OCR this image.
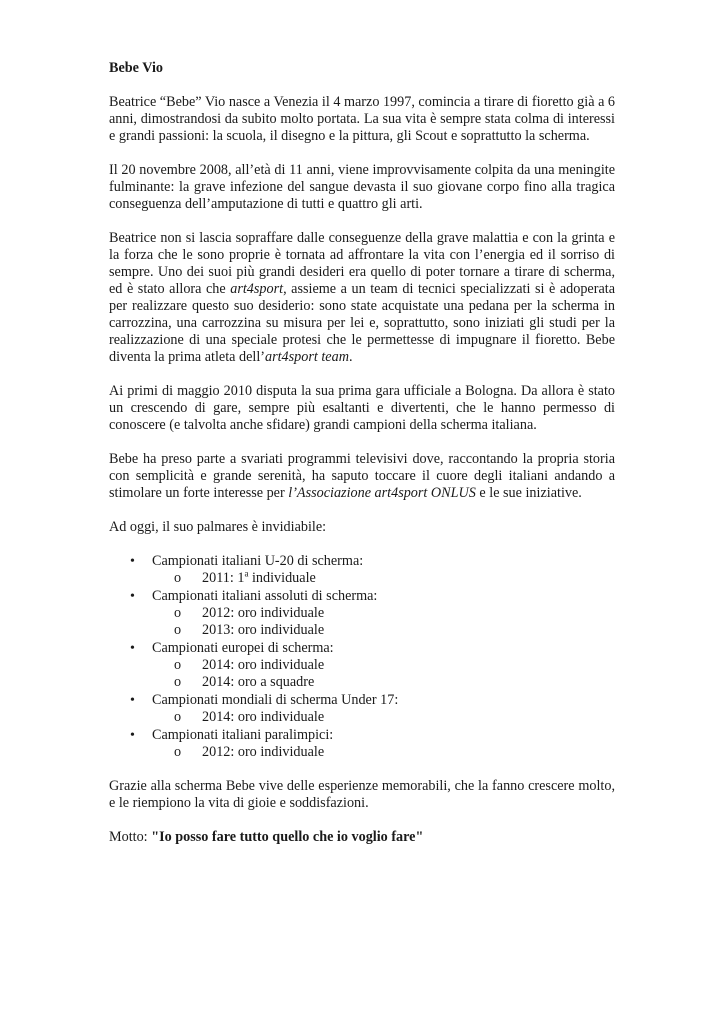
Bebe Vio

Beatrice “Bebe” Vio nasce a Venezia il 4 marzo 1997, comincia a tirare di fioretto già a 6 anni, dimostrandosi da subito molto portata. La sua vita è sempre stata colma di interessi e grandi passioni: la scuola, il disegno e la pittura, gli Scout e soprattutto la scherma.

Il 20 novembre 2008, all’età di 11 anni, viene improvvisamente colpita da una meningite fulminante: la grave infezione del sangue devasta il suo giovane corpo fino alla tragica conseguenza dell’amputazione di tutti e quattro gli arti.

Beatrice non si lascia sopraffare dalle conseguenze della grave malattia e con la grinta e la forza che le sono proprie è tornata ad affrontare la vita con l’energia ed il sorriso di sempre. Uno dei suoi più grandi desideri era quello di poter tornare a tirare di scherma, ed è stato allora che art4sport, assieme a un team di tecnici specializzati si è adoperata per realizzare questo suo desiderio: sono state acquistate una pedana per la scherma in carrozzina, una carrozzina su misura per lei e, soprattutto, sono iniziati gli studi per la realizzazione di una speciale protesi che le permettesse di impugnare il fioretto. Bebe diventa la prima atleta dell’art4sport team.

Ai primi di maggio 2010 disputa la sua prima gara ufficiale a Bologna. Da allora è stato un crescendo di gare, sempre più esaltanti e divertenti, che le hanno permesso di conoscere (e talvolta anche sfidare) grandi campioni della scherma italiana.

Bebe ha preso parte a svariati programmi televisivi dove, raccontando la propria storia con semplicità e grande serenità, ha saputo toccare il cuore degli italiani andando a stimolare un forte interesse per l’Associazione art4sport ONLUS e le sue iniziative.

Ad oggi, il suo palmares è invidiabile:

• Campionati italiani U-20 di scherma:
o 2011: 1$^a$ individuale
• Campionati italiani assoluti di scherma:
o 2012: oro individuale
o 2013: oro individuale
• Campionati europei di scherma:
o 2014: oro individuale
o 2014: oro a squadre
• Campionati mondiali di scherma Under 17:
o 2014: oro individuale
• Campionati italiani paralimpici:
o 2012: oro individuale

Grazie alla scherma Bebe vive delle esperienze memorabili, che la fanno crescere molto, e le riempiono la vita di gioie e soddisfazioni.

Motto: "Io posso fare tutto quello che io voglio fare"
